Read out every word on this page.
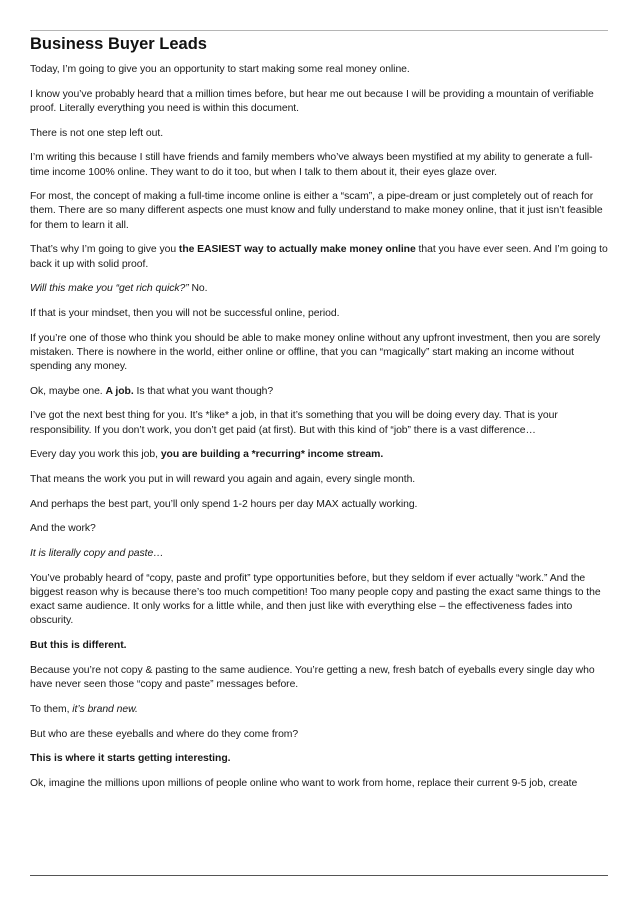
Business Buyer Leads

Today, I’m going to give you an opportunity to start making some real money online.

I know you’ve probably heard that a million times before, but hear me out because I will be providing a mountain of verifiable proof. Literally everything you need is within this document.

There is not one step left out.

I’m writing this because I still have friends and family members who’ve always been mystified at my ability to generate a full-time income 100% online. They want to do it too, but when I talk to them about it, their eyes glaze over.

For most, the concept of making a full-time income online is either a “scam”, a pipe-dream or just completely out of reach for them. There are so many different aspects one must know and fully understand to make money online, that it just isn’t feasible for them to learn it all.

That’s why I’m going to give you the EASIEST way to actually make money online that you have ever seen. And I’m going to back it up with solid proof.

Will this make you “get rich quick?” No.

If that is your mindset, then you will not be successful online, period.

If you’re one of those who think you should be able to make money online without any upfront investment, then you are sorely mistaken. There is nowhere in the world, either online or offline, that you can “magically” start making an income without spending any money.

Ok, maybe one. A job. Is that what you want though?

I’ve got the next best thing for you. It’s *like* a job, in that it’s something that you will be doing every day. That is your responsibility. If you don’t work, you don’t get paid (at first). But with this kind of “job” there is a vast difference…

Every day you work this job, you are building a *recurring* income stream.

That means the work you put in will reward you again and again, every single month.

And perhaps the best part, you’ll only spend 1-2 hours per day MAX actually working.

And the work?

It is literally copy and paste…

You’ve probably heard of “copy, paste and profit” type opportunities before, but they seldom if ever actually “work.” And the biggest reason why is because there’s too much competition! Too many people copy and pasting the exact same things to the exact same audience. It only works for a little while, and then just like with everything else – the effectiveness fades into obscurity.

But this is different.

Because you’re not copy & pasting to the same audience. You’re getting a new, fresh batch of eyeballs every single day who have never seen those “copy and paste” messages before.

To them, it’s brand new.

But who are these eyeballs and where do they come from?

This is where it starts getting interesting.

Ok, imagine the millions upon millions of people online who want to work from home, replace their current 9-5 job, create
